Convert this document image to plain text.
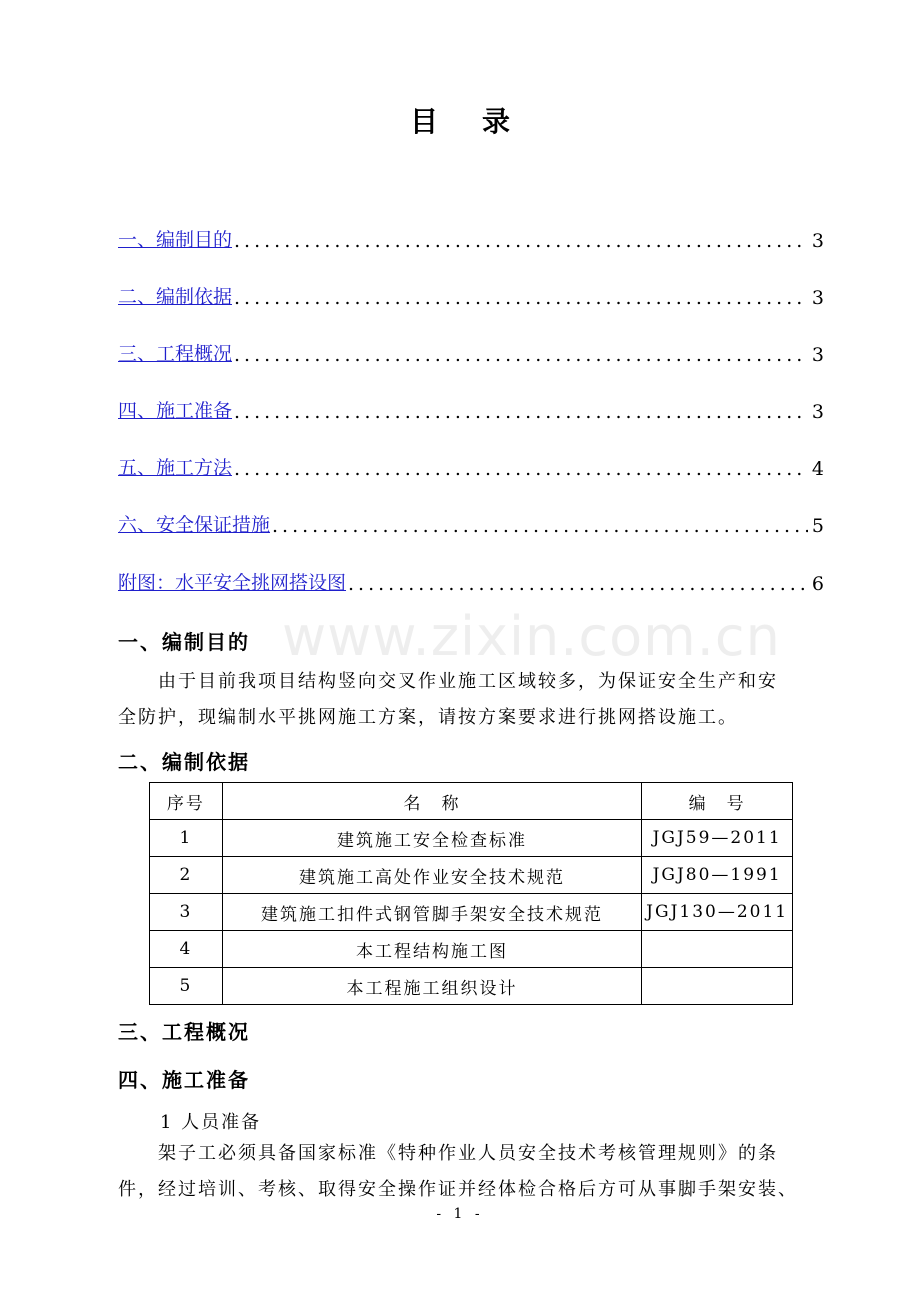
目 录
一、编制目的 .....	3
二、编制依据 .....	3
三、工程概况 .....	3
四、施工准备 .....	3
五、施工方法 .....	4
六、安全保证措施 .....	5
附图：水平安全挑网搭设图 .....	6
www.zixin.com.cn
一、编制目的

由于目前我项目结构竖向交叉作业施工区域较多，为保证安全生产和安

全防护，现编制水平挑网施工方案，请按方案要求进行挑网搭设施工。

二、编制依据
序号	名　称	编　号
1	建筑施工安全检查标准	JGJ59—2011
2	建筑施工高处作业安全技术规范	JGJ80—1991
3	建筑施工扣件式钢管脚手架安全技术规范	JGJ130—2011
4	本工程结构施工图	
5	本工程施工组织设计	
三、工程概况
四、施工准备
1 人员准备

架子工必须具备国家标准《特种作业人员安全技术考核管理规则》的条

件，经过培训、考核、取得安全操作证并经体检合格后方可从事脚手架安装、

- 1 -
